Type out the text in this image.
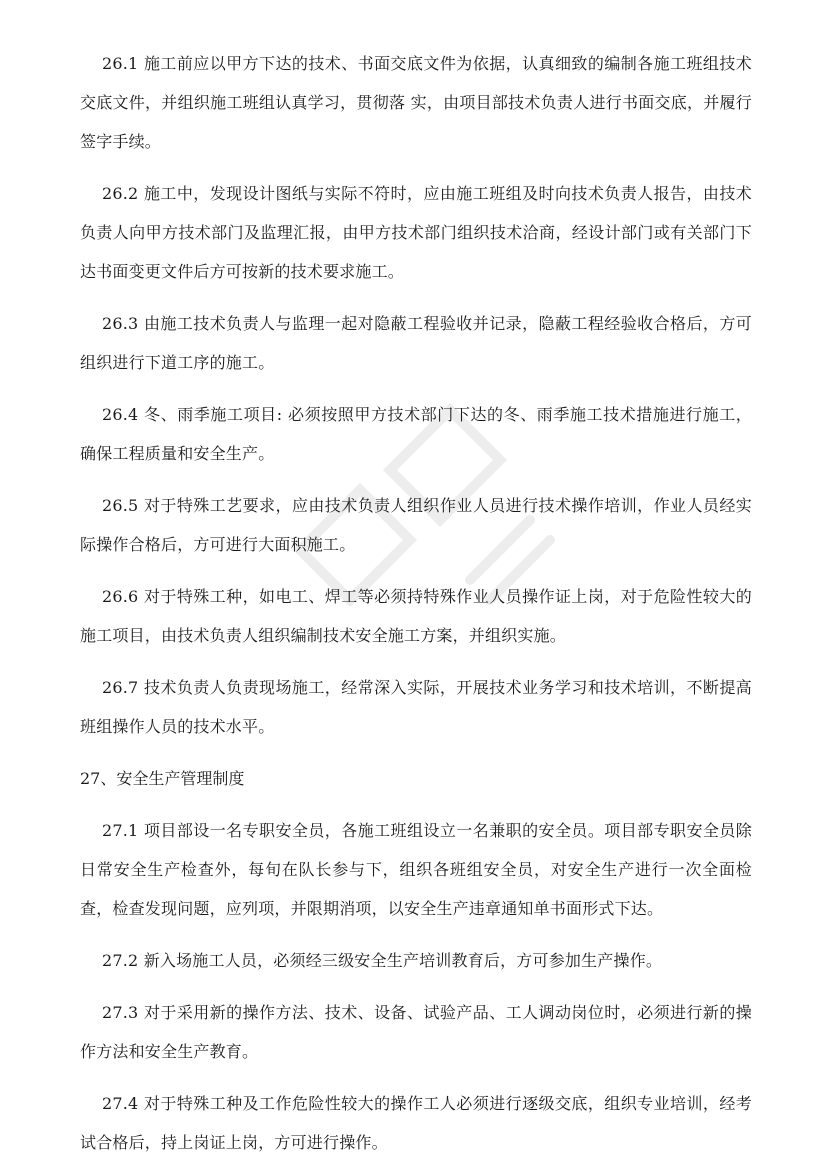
26.1 施工前应以甲方下达的技术、书面交底文件为依据，认真细致的编制各施工班组技术交底文件，并组织施工班组认真学习，贯彻落 实，由项目部技术负责人进行书面交底，并履行签字手续。

26.2 施工中，发现设计图纸与实际不符时，应由施工班组及时向技术负责人报告，由技术负责人向甲方技术部门及监理汇报，由甲方技术部门组织技术洽商，经设计部门或有关部门下达书面变更文件后方可按新的技术要求施工。

26.3 由施工技术负责人与监理一起对隐蔽工程验收并记录，隐蔽工程经验收合格后，方可组织进行下道工序的施工。

26.4 冬、雨季施工项目: 必须按照甲方技术部门下达的冬、雨季施工技术措施进行施工，确保工程质量和安全生产。

26.5 对于特殊工艺要求，应由技术负责人组织作业人员进行技术操作培训，作业人员经实际操作合格后，方可进行大面积施工。

26.6 对于特殊工种，如电工、焊工等必须持特殊作业人员操作证上岗，对于危险性较大的施工项目，由技术负责人组织编制技术安全施工方案，并组织实施。

26.7 技术负责人负责现场施工，经常深入实际，开展技术业务学习和技术培训，不断提高班组操作人员的技术水平。

27、安全生产管理制度

27.1 项目部设一名专职安全员，各施工班组设立一名兼职的安全员。项目部专职安全员除日常安全生产检查外，每旬在队长参与下，组织各班组安全员，对安全生产进行一次全面检查，检查发现问题，应列项，并限期消项，以安全生产违章通知单书面形式下达。

27.2 新入场施工人员，必须经三级安全生产培训教育后，方可参加生产操作。

27.3 对于采用新的操作方法、技术、设备、试验产品、工人调动岗位时，必须进行新的操作方法和安全生产教育。

27.4 对于特殊工种及工作危险性较大的操作工人必须进行逐级交底，组织专业培训，经考试合格后，持上岗证上岗，方可进行操作。
